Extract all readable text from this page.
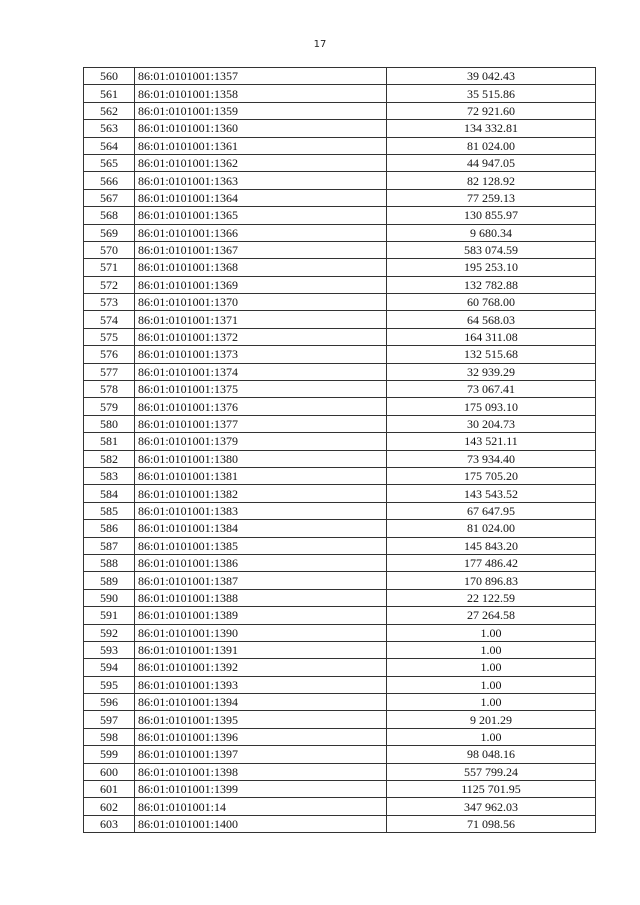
17
560	86:01:0101001:1357	39 042.43
561	86:01:0101001:1358	35 515.86
562	86:01:0101001:1359	72 921.60
563	86:01:0101001:1360	134 332.81
564	86:01:0101001:1361	81 024.00
565	86:01:0101001:1362	44 947.05
566	86:01:0101001:1363	82 128.92
567	86:01:0101001:1364	77 259.13
568	86:01:0101001:1365	130 855.97
569	86:01:0101001:1366	9 680.34
570	86:01:0101001:1367	583 074.59
571	86:01:0101001:1368	195 253.10
572	86:01:0101001:1369	132 782.88
573	86:01:0101001:1370	60 768.00
574	86:01:0101001:1371	64 568.03
575	86:01:0101001:1372	164 311.08
576	86:01:0101001:1373	132 515.68
577	86:01:0101001:1374	32 939.29
578	86:01:0101001:1375	73 067.41
579	86:01:0101001:1376	175 093.10
580	86:01:0101001:1377	30 204.73
581	86:01:0101001:1379	143 521.11
582	86:01:0101001:1380	73 934.40
583	86:01:0101001:1381	175 705.20
584	86:01:0101001:1382	143 543.52
585	86:01:0101001:1383	67 647.95
586	86:01:0101001:1384	81 024.00
587	86:01:0101001:1385	145 843.20
588	86:01:0101001:1386	177 486.42
589	86:01:0101001:1387	170 896.83
590	86:01:0101001:1388	22 122.59
591	86:01:0101001:1389	27 264.58
592	86:01:0101001:1390	1.00
593	86:01:0101001:1391	1.00
594	86:01:0101001:1392	1.00
595	86:01:0101001:1393	1.00
596	86:01:0101001:1394	1.00
597	86:01:0101001:1395	9 201.29
598	86:01:0101001:1396	1.00
599	86:01:0101001:1397	98 048.16
600	86:01:0101001:1398	557 799.24
601	86:01:0101001:1399	1125 701.95
602	86:01:0101001:14	347 962.03
603	86:01:0101001:1400	71 098.56
